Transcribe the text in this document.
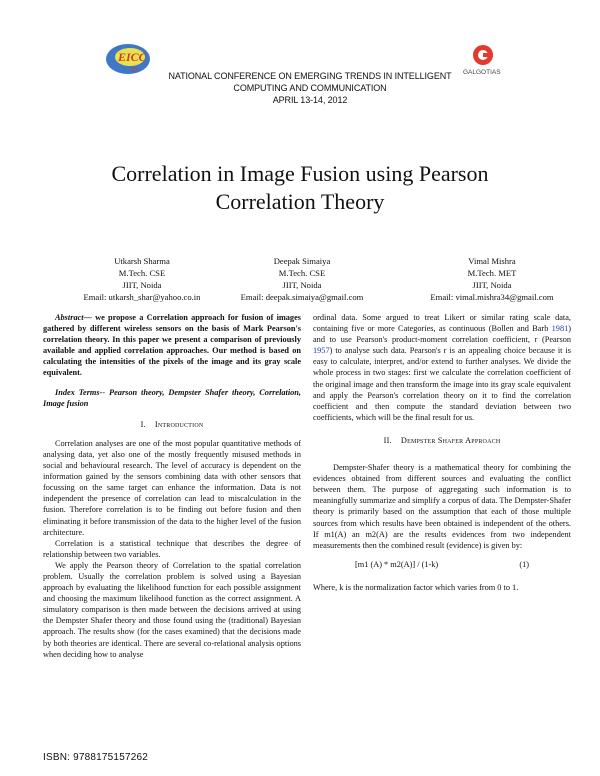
EICC
'12	GALGOTIAS
NATIONAL CONFERENCE ON EMERGING TRENDS IN INTELLIGENT
COMPUTING AND COMMUNICATION
APRIL 13-14, 2012
Correlation in Image Fusion using Pearson
Correlation Theory
Utkarsh Sharma
M.Tech. CSE
JIIT, Noida
Email: utkarsh_shar@yahoo.co.in
Deepak Simaiya
M.Tech. CSE
JIIT, Noida
Email: deepak.simaiya@gmail.com
Vimal Mishra
M.Tech. MET
JIIT, Noida
Email: vimal.mishra34@gmail.com

Abstract— we propose a Correlation approach for fusion of images gathered by different wireless sensors on the basis of Mark Pearson's correlation theory. In this paper we present a comparison of previously available and applied correlation approaches. Our method is based on calculating the intensities of the pixels of the image and its gray scale equivalent.

Index Terms-- Pearson theory, Dempster Shafer theory, Correlation, Image fusion

I. Introduction

Correlation analyses are one of the most popular quantitative methods of analysing data, yet also one of the mostly frequently misused methods in social and behavioural research. The level of accuracy is dependent on the information gained by the sensors combining data with other sensors that focussing on the same target can enhance the information. Data is not independent the presence of correlation can lead to miscalculation in the fusion. Therefore correlation is to be finding out before fusion and then eliminating it before transmission of the data to the higher level of the fusion architecture.

Correlation is a statistical technique that describes the degree of relationship between two variables.

We apply the Pearson theory of Correlation to the spatial correlation problem. Usually the correlation problem is solved using a Bayesian approach by evaluating the likelihood function for each possible assignment and choosing the maximum likelihood function as the correct assignment. A simulatory comparison is then made between the decisions arrived at using the Dempster Shafer theory and those found using the (traditional) Bayesian approach. The results show (for the cases examined) that the decisions made by both theories are identical. There are several co-relational analysis options when deciding how to analyse

ordinal data. Some argued to treat Likert or similar rating scale data, containing five or more Categories, as continuous (Bollen and Barb 1981) and to use Pearson's product-moment correlation coefficient, r (Pearson 1957) to analyse such data. Pearson's r is an appealing choice because it is easy to calculate, interpret, and/or extend to further analyses. We divide the whole process in two stages: first we calculate the correlation coefficient of the original image and then transform the image into its gray scale equivalent and apply the Pearson's correlation theory on it to find the correlation coefficient and then compute the standard deviation between two coefficients, which will be the final result for us.

II. Dempster Shafer Approach

Dempster-Shafer theory is a mathematical theory for combining the evidences obtained from different sources and evaluating the conflict between them. The purpose of aggregating such information is to meaningfully summarize and simplify a corpus of data. The Dempster-Shafer theory is primarily based on the assumption that each of those multiple sources from which results have been obtained is independent of the others. If m1(A) an m2(A) are the results evidences from two independent measurements then the combined result (evidence) is given by:

[m1 (A) * m2(A)] / (1-k)	(1)

Where, k is the normalization factor which varies from 0 to 1.

ISBN: 9788175157262
